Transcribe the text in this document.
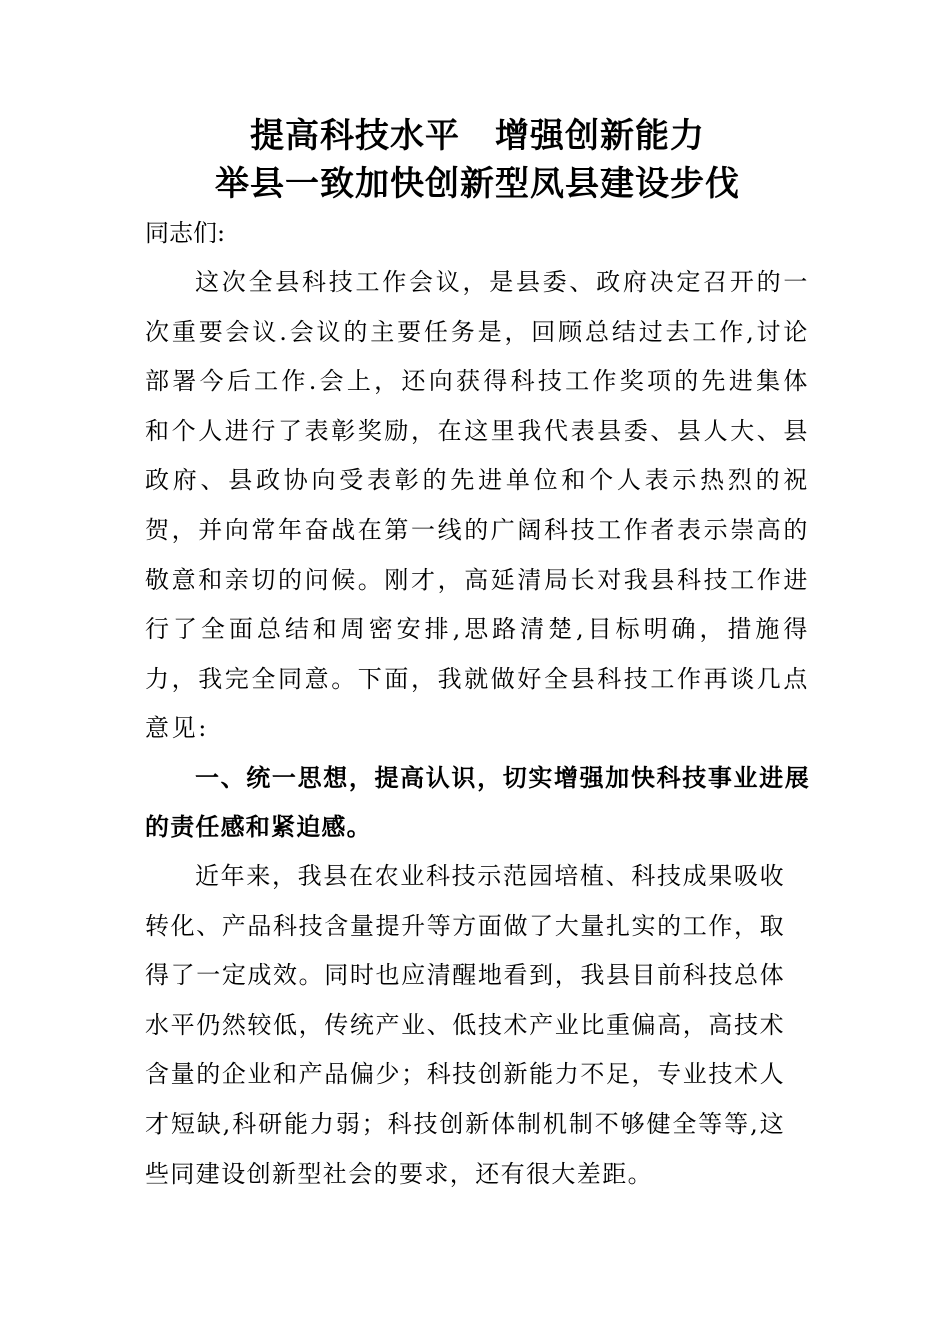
提高科技水平　增强创新能力
举县一致加快创新型凤县建设步伐

同志们:

这次全县科技工作会议，是县委、政府决定召开的一次重要会议.会议的主要任务是，回顾总结过去工作,讨论部署今后工作.会上，还向获得科技工作奖项的先进集体和个人进行了表彰奖励，在这里我代表县委、县人大、县政府、县政协向受表彰的先进单位和个人表示热烈的祝贺，并向常年奋战在第一线的广阔科技工作者表示崇高的敬意和亲切的问候。刚才，高延清局长对我县科技工作进行了全面总结和周密安排,思路清楚,目标明确，措施得力，我完全同意。下面，我就做好全县科技工作再谈几点意见:

一、统一思想，提高认识，切实增强加快科技事业进展的责任感和紧迫感。

近年来，我县在农业科技示范园培植、科技成果吸收转化、产品科技含量提升等方面做了大量扎实的工作，取得了一定成效。同时也应清醒地看到，我县目前科技总体水平仍然较低，传统产业、低技术产业比重偏高，高技术含量的企业和产品偏少；科技创新能力不足，专业技术人才短缺,科研能力弱；科技创新体制机制不够健全等等,这些同建设创新型社会的要求，还有很大差距。
